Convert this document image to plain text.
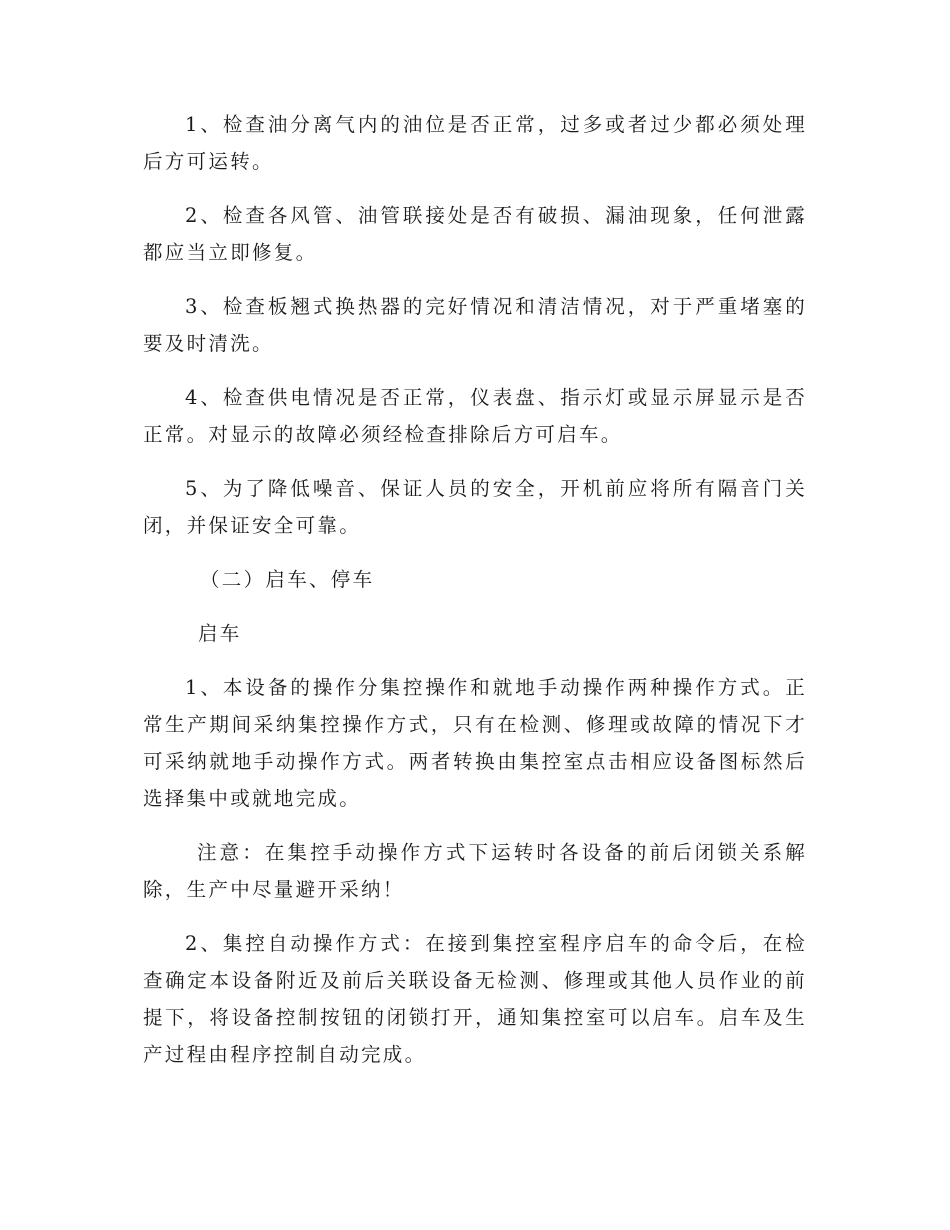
1、检查油分离气内的油位是否正常，过多或者过少都必须处理后方可运转。

2、检查各风管、油管联接处是否有破损、漏油现象，任何泄露都应当立即修复。

3、检查板翘式换热器的完好情况和清洁情况，对于严重堵塞的要及时清洗。

4、检查供电情况是否正常，仪表盘、指示灯或显示屏显示是否正常。对显示的故障必须经检查排除后方可启车。

5、为了降低噪音、保证人员的安全，开机前应将所有隔音门关闭，并保证安全可靠。

（二）启车、停车

启车

1、本设备的操作分集控操作和就地手动操作两种操作方式。正常生产期间采纳集控操作方式，只有在检测、修理或故障的情况下才可采纳就地手动操作方式。两者转换由集控室点击相应设备图标然后选择集中或就地完成。

注意：在集控手动操作方式下运转时各设备的前后闭锁关系解除，生产中尽量避开采纳！

2、集控自动操作方式：在接到集控室程序启车的命令后，在检查确定本设备附近及前后关联设备无检测、修理或其他人员作业的前提下，将设备控制按钮的闭锁打开，通知集控室可以启车。启车及生产过程由程序控制自动完成。
